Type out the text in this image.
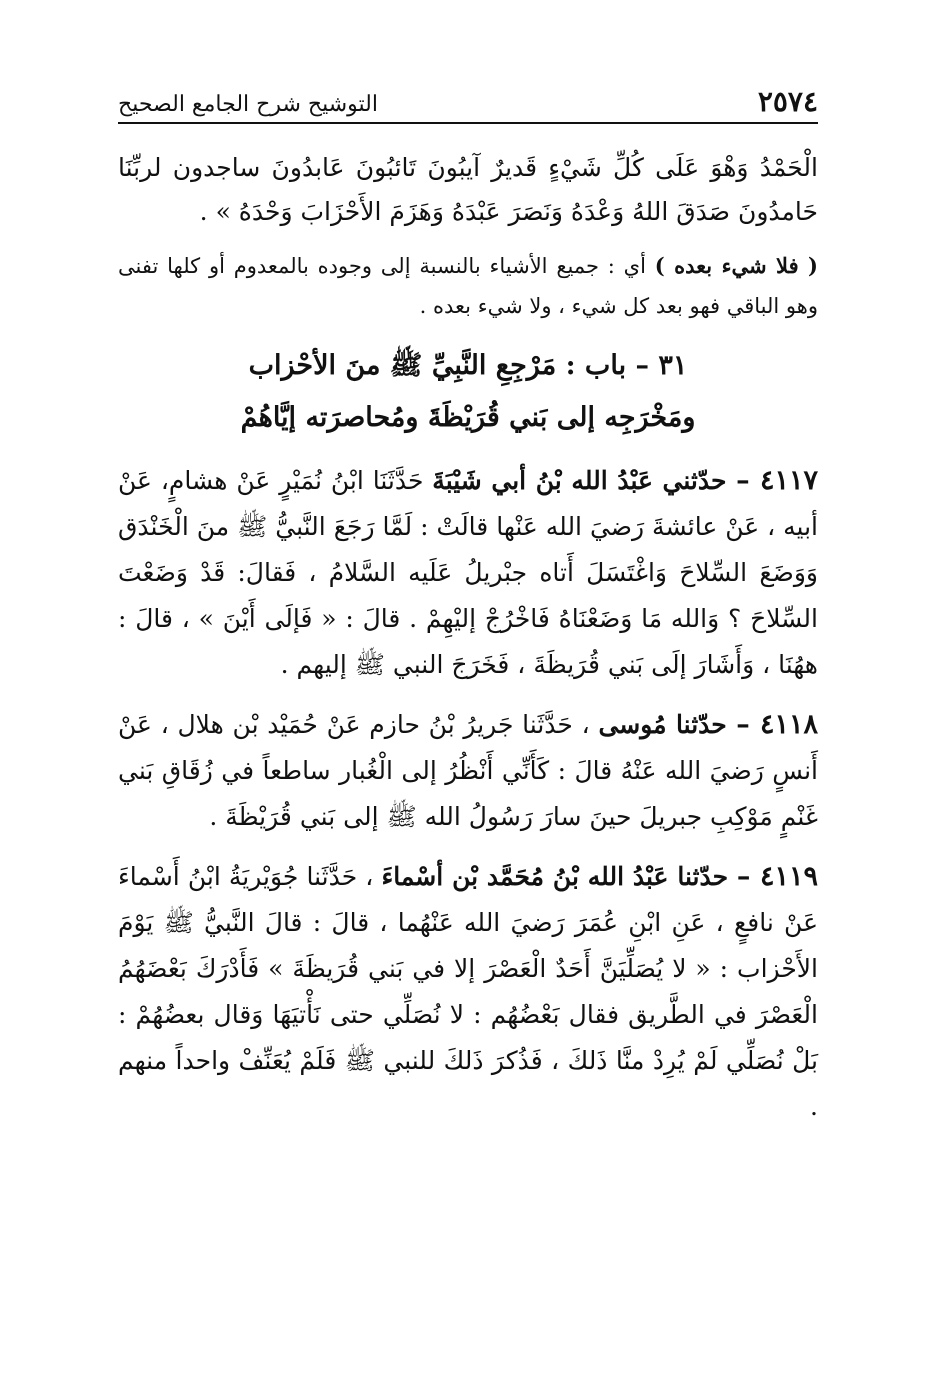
٢٥٧٤
التوشيح شرح الجامع الصحيح

الْحَمْدُ وَهْوَ عَلَى كُلِّ شَيْءٍ قَديرٌ آيبُونَ تَائبُونَ عَابدُونَ ساجدون لربِّنَا حَامدُونَ صَدَقَ اللهُ وَعْدَهُ وَنَصَرَ عَبْدَهُ وَهَزَمَ الأَحْزَابَ وَحْدَهُ » .

( فلا شيء بعده ) أي : جميع الأشياء بالنسبة إلى وجوده بالمعدوم أو كلها تفنى وهو الباقي فهو بعد كل شيء ، ولا شيء بعده .

٣١ – باب : مَرْجِعِ النَّبِيِّ ﷺ منَ الأحْزاب
ومَخْرَجِه إلى بَني قُرَيْظَةَ ومُحاصرَته إيَّاهُمْ

٤١١٧ – حدّثني عَبْدُ الله بْنُ أبي شَيْبَةَ حَدَّثَنَا ابْنُ نُمَيْرٍ عَنْ هشامٍ، عَنْ أبيه ، عَنْ عائشةَ رَضيَ الله عَنْها قالَتْ : لَمَّا رَجَعَ النَّبيُّ ﷺ منَ الْخَنْدَق وَوَضَعَ السِّلاحَ وَاغْتَسَلَ أَتاه جبْريلُ عَلَيه السَّلامُ ، فَقالَ: قَدْ وَضَعْتَ السِّلاحَ ؟ وَالله مَا وَضَعْنَاهُ فَاخْرُجْ إليْهِمْ . قالَ : « فَإلَى أَيْنَ » ، قالَ : ههُنَا ، وَأَشَارَ إلَى بَني قُرَيظَةَ ، فَخَرَجَ النبي ﷺ إليهم .

٤١١٨ – حدّثنا مُوسى ، حَدَّثَنا جَريرُ بْنُ حازم عَنْ حُمَيْد بْن هلال ، عَنْ أَنسٍ رَضيَ الله عَنْهُ قالَ : كَأَنِّي أَنْظُرُ إلى الْغُبار ساطعاً في زُقَاقِ بَني غَنْمٍ مَوْكِبِ جبريلَ حينَ سارَ رَسُولُ الله ﷺ إلى بَني قُرَيْظَةَ .

٤١١٩ – حدّثنا عَبْدُ الله بْنُ مُحَمَّد بْن أسْماءَ ، حَدَّثَنا جُوَيْريَةُ ابْنُ أَسْماءَ عَنْ نافعٍ ، عَنِ ابْنِ عُمَرَ رَضيَ الله عَنْهُما ، قالَ : قالَ النَّبيُّ ﷺ يَوْمَ الأَحْزاب : « لا يُصَلِّيَنَّ أَحَدٌ الْعَصْرَ إلا في بَني قُرَيظَةَ » فَأَدْرَكَ بَعْضَهُمُ الْعَصْرَ في الطَّريق فقال بَعْضُهُم : لا نُصَلِّي حتى نَأْتيَهَا وَقال بعضُهُمْ : بَلْ نُصَلِّي لَمْ يُرِدْ منَّا ذَلكَ ، فَذُكرَ ذَلكَ للنبي ﷺ فَلَمْ يُعَنِّفْ واحداً منهم .
